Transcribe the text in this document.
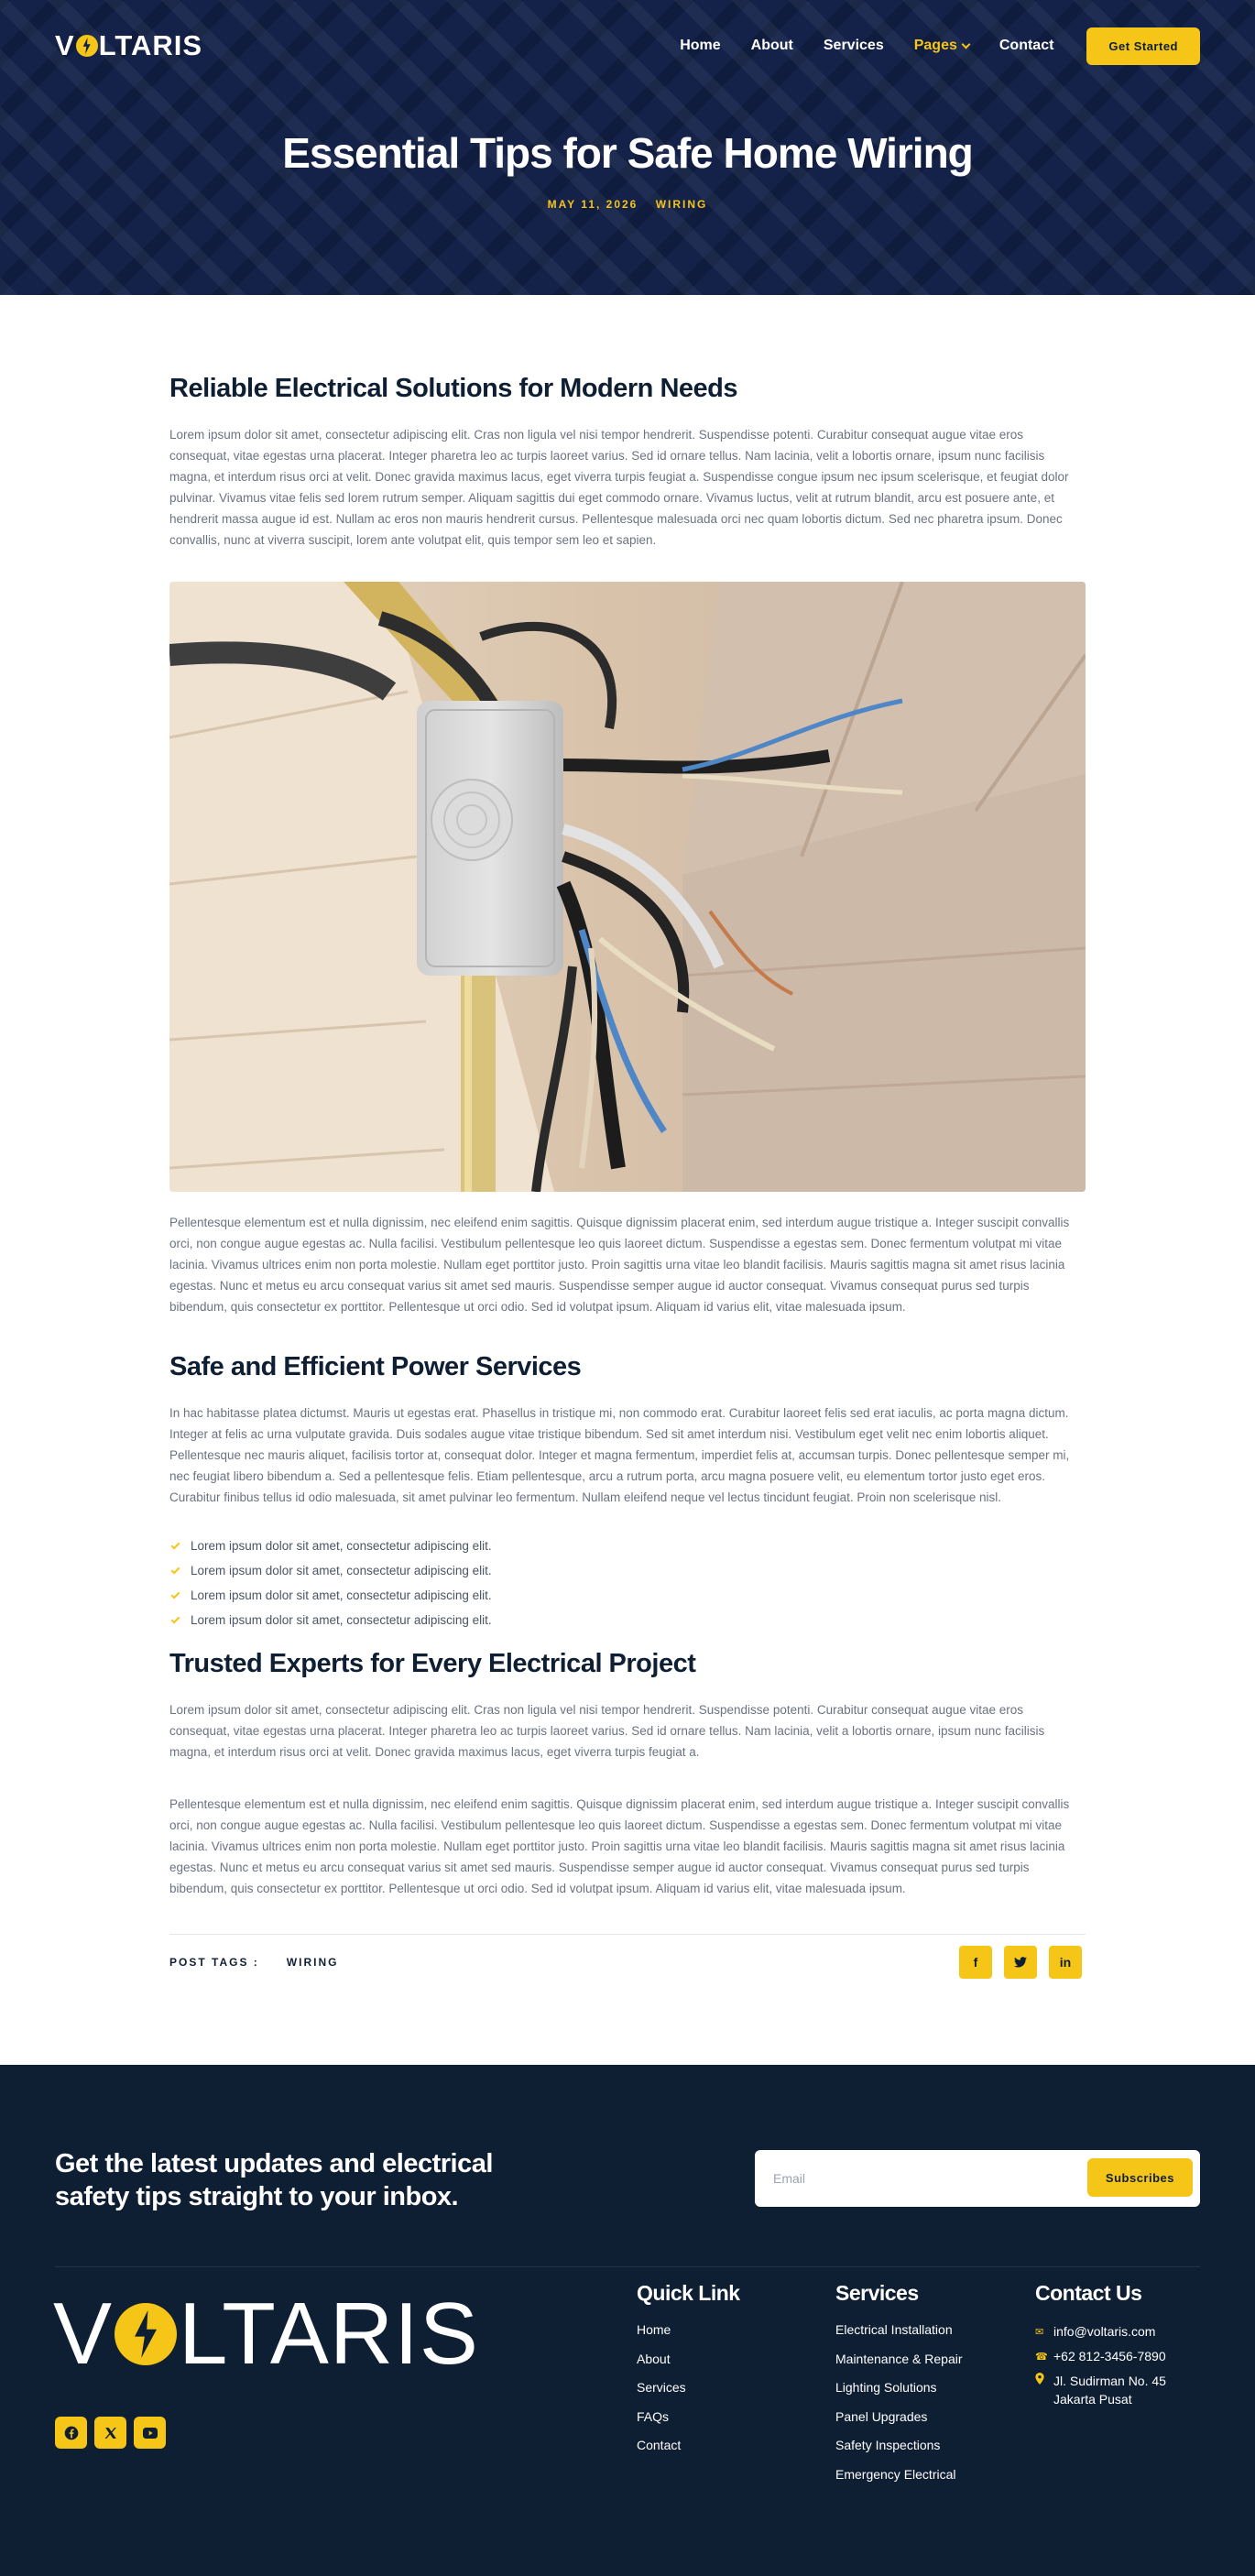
V LTARIS	Home About Services Pages	Contact	Get Started
Essential Tips for Safe Home Wiring
MAY 11, 2026 WIRING
Reliable Electrical Solutions for Modern Needs

Lorem ipsum dolor sit amet, consectetur adipiscing elit. Cras non ligula vel nisi tempor hendrerit. Suspendisse potenti. Curabitur consequat augue vitae eros consequat, vitae egestas urna placerat. Integer pharetra leo ac turpis laoreet varius. Sed id ornare tellus. Nam lacinia, velit a lobortis ornare, ipsum nunc facilisis magna, et interdum risus orci at velit. Donec gravida maximus lacus, eget viverra turpis feugiat a. Suspendisse congue ipsum nec ipsum scelerisque, et feugiat dolor pulvinar. Vivamus vitae felis sed lorem rutrum semper. Aliquam sagittis dui eget commodo ornare. Vivamus luctus, velit at rutrum blandit, arcu est posuere ante, et hendrerit massa augue id est. Nullam ac eros non mauris hendrerit cursus. Pellentesque malesuada orci nec quam lobortis dictum. Sed nec pharetra ipsum. Donec convallis, nunc at viverra suscipit, lorem ante volutpat elit, quis tempor sem leo et sapien.

Pellentesque elementum est et nulla dignissim, nec eleifend enim sagittis. Quisque dignissim placerat enim, sed interdum augue tristique a. Integer suscipit convallis orci, non congue augue egestas ac. Nulla facilisi. Vestibulum pellentesque leo quis laoreet dictum. Suspendisse a egestas sem. Donec fermentum volutpat mi vitae lacinia. Vivamus ultrices enim non porta molestie. Nullam eget porttitor justo. Proin sagittis urna vitae leo blandit facilisis. Mauris sagittis magna sit amet risus lacinia egestas. Nunc et metus eu arcu consequat varius sit amet sed mauris. Suspendisse semper augue id auctor consequat. Vivamus consequat purus sed turpis bibendum, quis consectetur ex porttitor. Pellentesque ut orci odio. Sed id volutpat ipsum. Aliquam id varius elit, vitae malesuada ipsum.

Safe and Efficient Power Services

In hac habitasse platea dictumst. Mauris ut egestas erat. Phasellus in tristique mi, non commodo erat. Curabitur laoreet felis sed erat iaculis, ac porta magna dictum. Integer at felis ac urna vulputate gravida. Duis sodales augue vitae tristique bibendum. Sed sit amet interdum nisi. Vestibulum eget velit nec enim lobortis aliquet. Pellentesque nec mauris aliquet, facilisis tortor at, consequat dolor. Integer et magna fermentum, imperdiet felis at, accumsan turpis. Donec pellentesque semper mi, nec feugiat libero bibendum a. Sed a pellentesque felis. Etiam pellentesque, arcu a rutrum porta, arcu magna posuere velit, eu elementum tortor justo eget eros. Curabitur finibus tellus id odio malesuada, sit amet pulvinar leo fermentum. Nullam eleifend neque vel lectus tincidunt feugiat. Proin non scelerisque nisl.

Lorem ipsum dolor sit amet, consectetur adipiscing elit.
Lorem ipsum dolor sit amet, consectetur adipiscing elit.
Lorem ipsum dolor sit amet, consectetur adipiscing elit.
Lorem ipsum dolor sit amet, consectetur adipiscing elit.
Trusted Experts for Every Electrical Project

Lorem ipsum dolor sit amet, consectetur adipiscing elit. Cras non ligula vel nisi tempor hendrerit. Suspendisse potenti. Curabitur consequat augue vitae eros consequat, vitae egestas urna placerat. Integer pharetra leo ac turpis laoreet varius. Sed id ornare tellus. Nam lacinia, velit a lobortis ornare, ipsum nunc facilisis magna, et interdum risus orci at velit. Donec gravida maximus lacus, eget viverra turpis feugiat a.

Pellentesque elementum est et nulla dignissim, nec eleifend enim sagittis. Quisque dignissim placerat enim, sed interdum augue tristique a. Integer suscipit convallis orci, non congue augue egestas ac. Nulla facilisi. Vestibulum pellentesque leo quis laoreet dictum. Suspendisse a egestas sem. Donec fermentum volutpat mi vitae lacinia. Vivamus ultrices enim non porta molestie. Nullam eget porttitor justo. Proin sagittis urna vitae leo blandit facilisis. Mauris sagittis magna sit amet risus lacinia egestas. Nunc et metus eu arcu consequat varius sit amet sed mauris. Suspendisse semper augue id auctor consequat. Vivamus consequat purus sed turpis bibendum, quis consectetur ex porttitor. Pellentesque ut orci odio. Sed id volutpat ipsum. Aliquam id varius elit, vitae malesuada ipsum.

POST TAGS :	WIRING	f	in
Get the latest updates and electrical safety tips straight to your inbox.
Email
Subscribes
V LTARIS	Quick Link
Home
About
Services
FAQs
Contact
Services
Electrical Installation
Maintenance & Repair
Lighting Solutions
Panel Upgrades
Safety Inspections
Emergency Electrical
Contact Us
✉ info@voltaris.com
☎ +62 812-3456-7890
Jl. Sudirman No. 45 Jakarta Pusat
